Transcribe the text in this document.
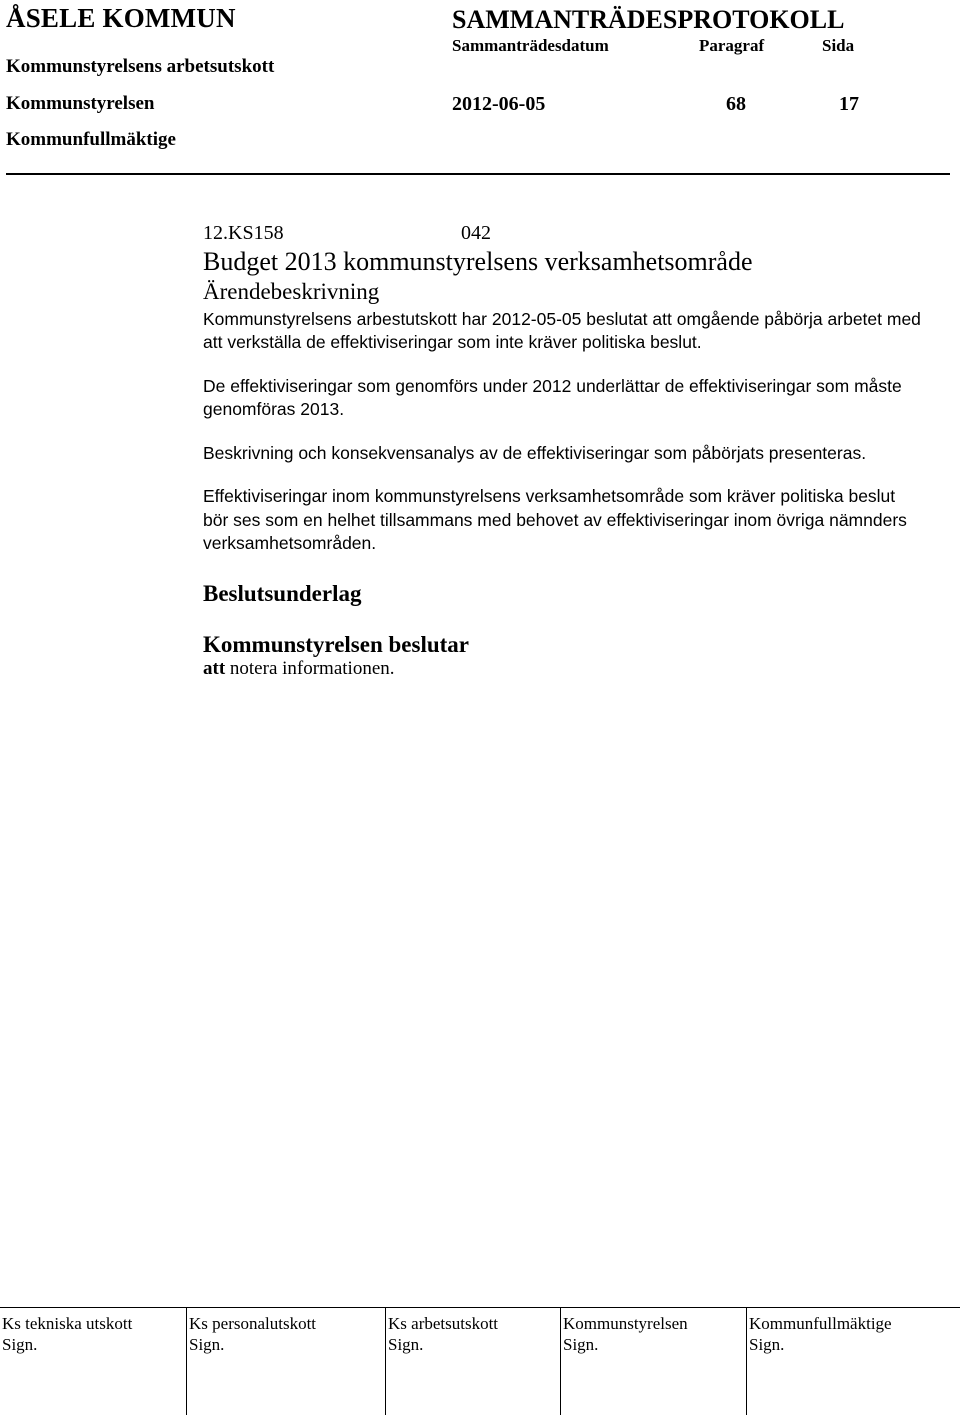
ÅSELE KOMMUN	SAMMANTRÄDESPROTOKOLL
Sammanträdesdatum	Paragraf	Sida
Kommunstyrelsens arbetsutskott
Kommunstyrelsen
Kommunfullmäktige
2012-06-05	68	17
12.KS158	042

Budget 2013 kommunstyrelsens verksamhetsområde

Ärendebeskrivning

Kommunstyrelsens arbestutskott har 2012-05-05 beslutat att omgående påbörja arbetet med att verkställa de effektiviseringar som inte kräver politiska beslut.

De effektiviseringar som genomförs under 2012 underlättar de effektiviseringar som måste genomföras 2013.

Beskrivning och konsekvensanalys av de effektiviseringar som påbörjats presenteras.

Effektiviseringar inom kommunstyrelsens verksamhetsområde som kräver politiska beslut bör ses som en helhet tillsammans med behovet av effektiviseringar inom övriga nämnders verksamhetsområden.

Beslutsunderlag

Kommunstyrelsen beslutar

att notera informationen.

Ks tekniska utskott
Sign.
Ks personalutskott
Sign.
Ks arbetsutskott
Sign.
Kommunstyrelsen
Sign.
Kommunfullmäktige
Sign.
